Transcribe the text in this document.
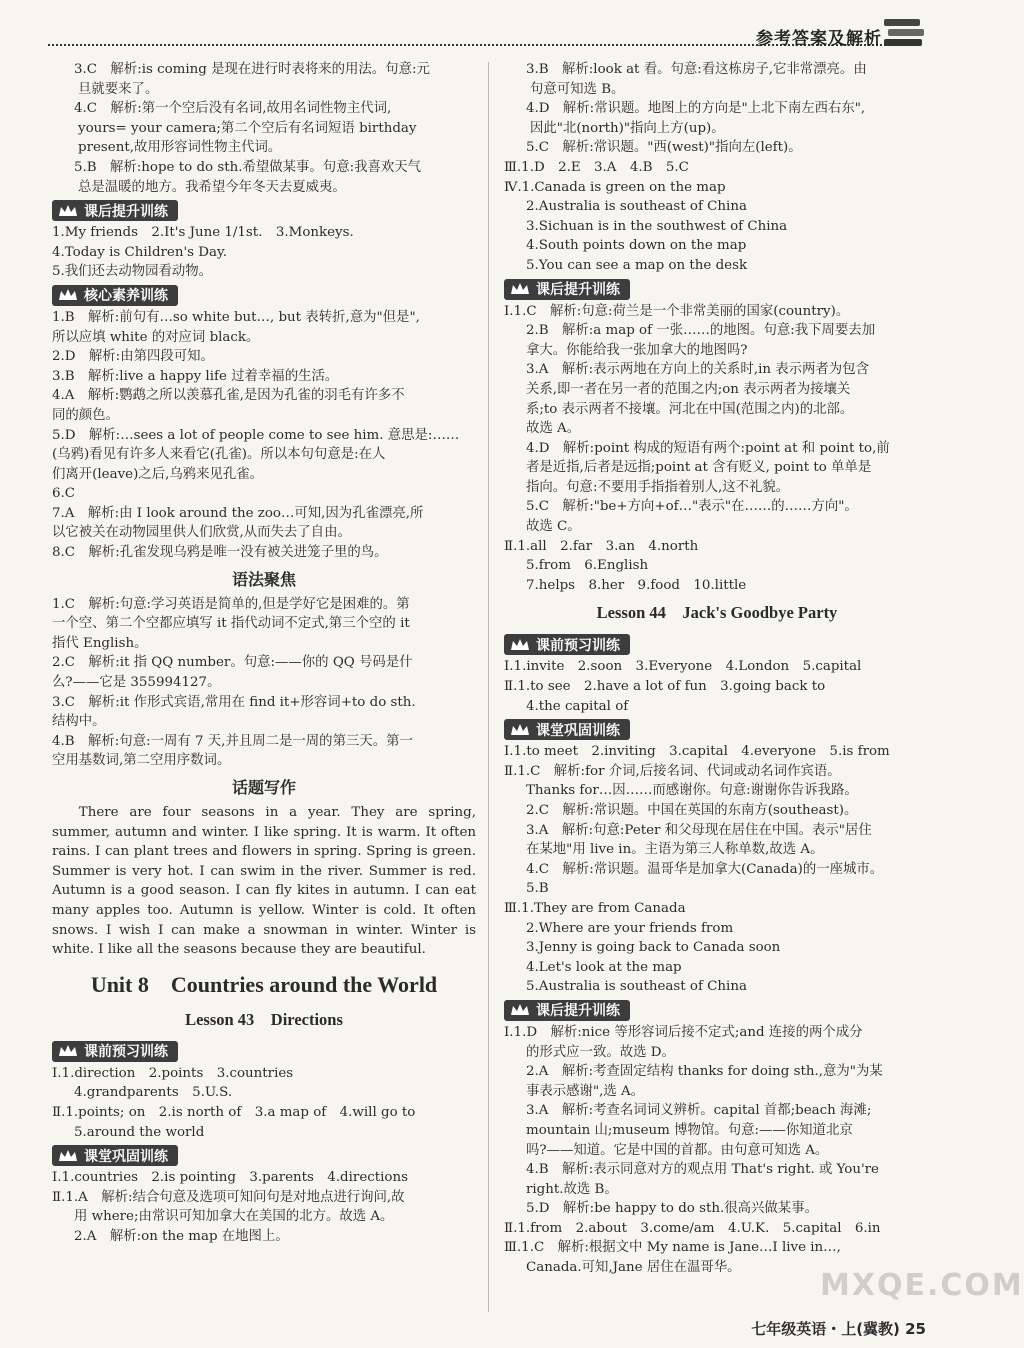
参考答案及解析
3.C　解析:is coming 是现在进行时表将来的用法。句意:元
旦就要来了。
4.C　解析:第一个空后没有名词,故用名词性物主代词,
yours= your camera;第二个空后有名词短语 birthday
present,故用形容词性物主代词。
5.B　解析:hope to do sth.希望做某事。句意:我喜欢天气
总是温暖的地方。我希望今年冬天去夏威夷。
课后提升训练
1.My friends　2.It's June 1/1st.　3.Monkeys.
4.Today is Children's Day.
5.我们还去动物园看动物。
核心素养训练
1.B　解析:前句有…so white but…, but 表转折,意为"但是",
所以应填 white 的对应词 black。
2.D　解析:由第四段可知。
3.B　解析:live a happy life 过着幸福的生活。
4.A　解析:鹦鹉之所以羡慕孔雀,是因为孔雀的羽毛有许多不
同的颜色。
5.D　解析:…sees a lot of people come to see him. 意思是:……
(乌鸦)看见有许多人来看它(孔雀)。所以本句句意是:在人
们离开(leave)之后,乌鸦来见孔雀。
6.C
7.A　解析:由 I look around the zoo…可知,因为孔雀漂亮,所
以它被关在动物园里供人们欣赏,从而失去了自由。
8.C　解析:孔雀发现乌鸦是唯一没有被关进笼子里的鸟。
语法聚焦
1.C　解析:句意:学习英语是简单的,但是学好它是困难的。第
一个空、第二个空都应填写 it 指代动词不定式,第三个空的 it
指代 English。
2.C　解析:it 指 QQ number。句意:——你的 QQ 号码是什
么?——它是 355994127。
3.C　解析:it 作形式宾语,常用在 find it+形容词+to do sth.
结构中。
4.B　解析:句意:一周有 7 天,并且周二是一周的第三天。第一
空用基数词,第二空用序数词。
话题写作
There are four seasons in a year. They are spring, summer, autumn and winter. I like spring. It is warm. It often rains. I can plant trees and flowers in spring. Spring is green. Summer is very hot. I can swim in the river. Summer is red. Autumn is a good season. I can fly kites in autumn. I can eat many apples too. Autumn is yellow. Winter is cold. It often snows. I wish I can make a snowman in winter. Winter is white. I like all the seasons because they are beautiful.
Unit 8　Countries around the World
Lesson 43　Directions
课前预习训练
Ⅰ.1.direction　2.points　3.countries
4.grandparents　5.U.S.
Ⅱ.1.points; on　2.is north of　3.a map of　4.will go to
5.around the world
课堂巩固训练
Ⅰ.1.countries　2.is pointing　3.parents　4.directions
Ⅱ.1.A　解析:结合句意及选项可知问句是对地点进行询问,故
用 where;由常识可知加拿大在美国的北方。故选 A。
2.A　解析:on the map 在地图上。
3.B　解析:look at 看。句意:看这栋房子,它非常漂亮。由
句意可知选 B。
4.D　解析:常识题。地图上的方向是"上北下南左西右东",
因此"北(north)"指向上方(up)。
5.C　解析:常识题。"西(west)"指向左(left)。
Ⅲ.1.D　2.E　3.A　4.B　5.C
Ⅳ.1.Canada is green on the map
2.Australia is southeast of China
3.Sichuan is in the southwest of China
4.South points down on the map
5.You can see a map on the desk
课后提升训练
Ⅰ.1.C　解析:句意:荷兰是一个非常美丽的国家(country)。
2.B　解析:a map of 一张……的地图。句意:我下周要去加
拿大。你能给我一张加拿大的地图吗?
3.A　解析:表示两地在方向上的关系时,in 表示两者为包含
关系,即一者在另一者的范围之内;on 表示两者为接壤关
系;to 表示两者不接壤。河北在中国(范围之内)的北部。
故选 A。
4.D　解析:point 构成的短语有两个:point at 和 point to,前
者是近指,后者是远指;point at 含有贬义, point to 单单是
指向。句意:不要用手指指着别人,这不礼貌。
5.C　解析:"be+方向+of…"表示"在……的……方向"。
故选 C。
Ⅱ.1.all　2.far　3.an　4.north
5.from　6.English
7.helps　8.her　9.food　10.little
Lesson 44　Jack's Goodbye Party
课前预习训练
Ⅰ.1.invite　2.soon　3.Everyone　4.London　5.capital
Ⅱ.1.to see　2.have a lot of fun　3.going back to
4.the capital of
课堂巩固训练
Ⅰ.1.to meet　2.inviting　3.capital　4.everyone　5.is from
Ⅱ.1.C　解析:for 介词,后接名词、代词或动名词作宾语。
Thanks for…因……而感谢你。句意:谢谢你告诉我路。
2.C　解析:常识题。中国在英国的东南方(southeast)。
3.A　解析:句意:Peter 和父母现在居住在中国。表示"居住
在某地"用 live in。主语为第三人称单数,故选 A。
4.C　解析:常识题。温哥华是加拿大(Canada)的一座城市。
5.B
Ⅲ.1.They are from Canada
2.Where are your friends from
3.Jenny is going back to Canada soon
4.Let's look at the map
5.Australia is southeast of China
课后提升训练
Ⅰ.1.D　解析:nice 等形容词后接不定式;and 连接的两个成分
的形式应一致。故选 D。
2.A　解析:考查固定结构 thanks for doing sth.,意为"为某
事表示感谢",选 A。
3.A　解析:考查名词词义辨析。capital 首都;beach 海滩;
mountain 山;museum 博物馆。句意:——你知道北京
吗?——知道。它是中国的首都。由句意可知选 A。
4.B　解析:表示同意对方的观点用 That's right. 或 You're
right.故选 B。
5.D　解析:be happy to do sth.很高兴做某事。
Ⅱ.1.from　2.about　3.come/am　4.U.K.　5.capital　6.in
Ⅲ.1.C　解析:根据文中 My name is Jane…I live in…,
Canada.可知,Jane 居住在温哥华。
七年级英语・上(冀教) 25
MXQE.COM
